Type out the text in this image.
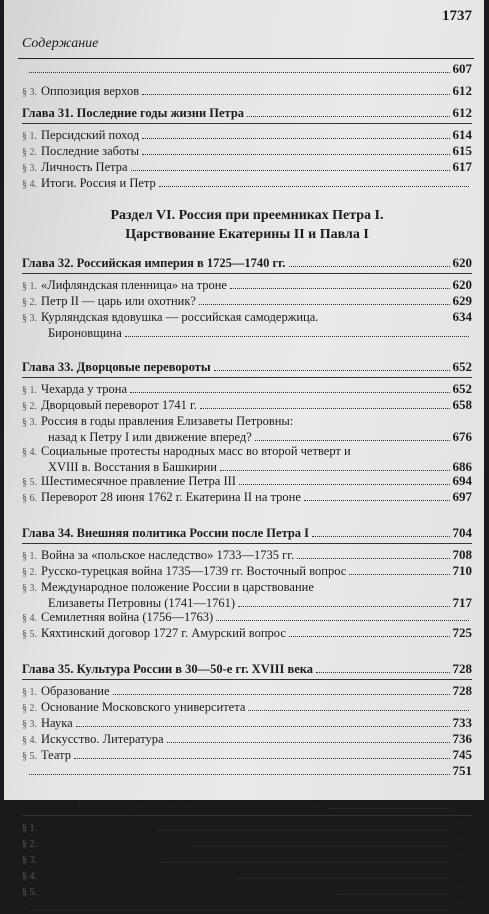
1737
Содержание
607
§ 3. Оппозиция верхов	612
Глава 31. Последние годы жизни Петра	612
§ 1. Персидский поход	614
§ 2. Последние заботы	615
§ 3. Личность Петра	617
§ 4. Итоги. Россия и Петр
Раздел VI. Россия при преемниках Петра I.
Царствование Екатерины II и Павла I
Глава 32. Российская империя в 1725—1740 гг.	620
§ 1. «Лифляндская пленница» на троне	620
§ 2. Петр II — царь или охотник?	629
§ 3. Курляндская вдовушка — российская самодержица.	634
Бироновщина
Глава 33. Дворцовые перевороты	652
§ 1. Чехарда у трона	652
§ 2. Дворцовый переворот 1741 г.	658
§ 3. Россия в годы правления Елизаветы Петровны:
назад к Петру I или движение вперед?	676
§ 4. Социальные протесты народных масс во второй четверт и
XVIII в. Восстания в Башкирии	686
§ 5. Шестимесячное правление Петра III	694
§ 6. Переворот 28 июня 1762 г. Екатерина II на троне	697
Глава 34. Внешняя политика России после Петра I	704
§ 1. Война за «польское наследство» 1733—1735 гг.	708
§ 2. Русско-турецкая война 1735—1739 гг. Восточный вопрос	710
§ 3. Международное положение России в царствование
Елизаветы Петровны (1741—1761)	717
§ 4. Семилетняя война (1756—1763)
§ 5. Кяхтинский договор 1727 г. Амурский вопрос	725
Глава 35. Культура России в 30—50-е гг. XVIII века	728
§ 1. Образование	728
§ 2. Основание Московского университета
§ 3. Наука	733
§ 4. Искусство. Литература	736
§ 5. Театр	745
751
Глава 36. Россия в царствование Екатерины Великой	754
§ 1. Начало царствования	754
§ 2. Просвещенный абсолютизм	757
§ 3. «Наказ» Екатерины II	757
§ 4. Уложенная комиссия 1767—1768 гг.	769
§ 5. Неудавшаяся попытка решения крестьянского вопроса	775
779
